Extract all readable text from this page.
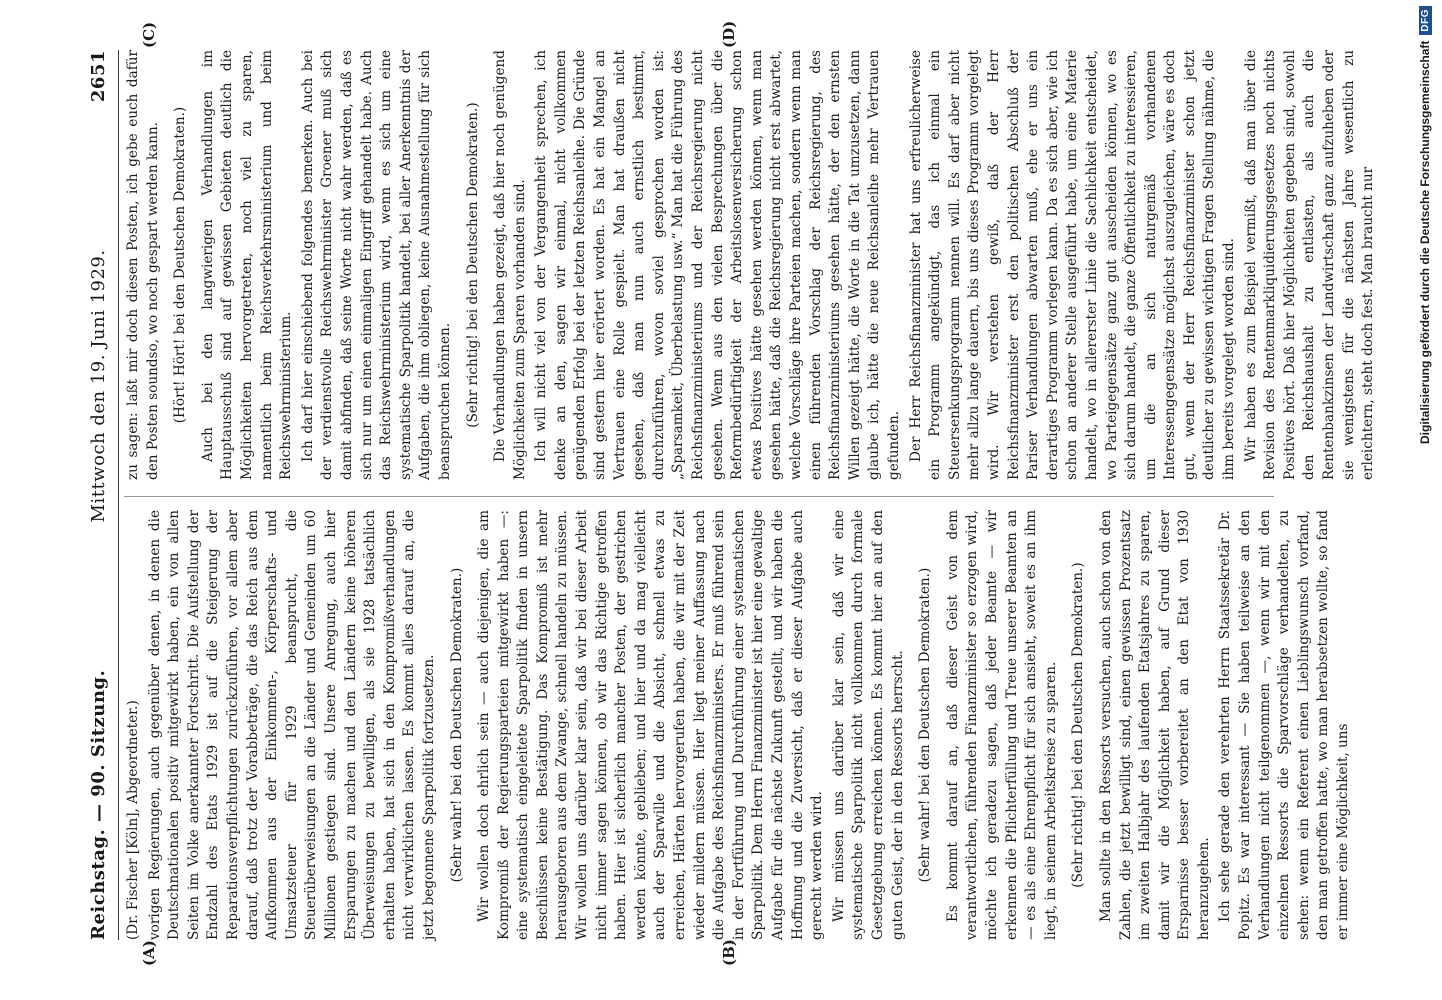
Reichstag. — 90. Sitzung.
Mittwoch den 19. Juni 1929.
2651
(A)	(B)
(C)	(D)

(Dr. Fischer [Köln], Abgeordneter.) vorigen Regierungen, auch gegenüber denen, in denen die Deutschnationalen positiv mitgewirkt haben, ein von allen Seiten im Volke anerkannter Fortschritt. Die Aufstellung der Endzahl des Etats 1929 ist auf die Steigerung der Reparationsverpflichtungen zurückzuführen, vor allem aber darauf, daß trotz der Vorabbeträge, die das Reich aus dem Aufkommen aus der Einkommen-, Körperschafts- und Umsatzsteuer für 1929 beansprucht, die Steuerüberweisungen an die Länder und Gemeinden um 60 Millionen gestiegen sind. Unsere Anregung, auch hier Ersparungen zu machen und den Ländern keine höheren Überweisungen zu bewilligen, als sie 1928 tatsächlich erhalten haben, hat sich in den Kompromißverhandlungen nicht verwirklichen lassen. Es kommt alles darauf an, die jetzt begonnene Sparpolitik fortzusetzen. (Sehr wahr! bei den Deutschen Demokraten.) Wir wollen doch ehrlich sein — auch diejenigen, die am Kompromiß der Regierungsparteien mitgewirkt haben —: eine systematisch eingeleitete Sparpolitik finden in unsern Beschlüssen keine Bestätigung. Das Kompromiß ist mehr herausgeboren aus dem Zwange, schnell handeln zu müssen. Wir wollen uns darüber klar sein, daß wir bei dieser Arbeit nicht immer sagen können, ob wir das Richtige getroffen haben. Hier ist sicherlich mancher Posten, der gestrichen werden könnte, geblieben; und hier und da mag vielleicht auch der Sparwille und die Absicht, schnell etwas zu erreichen, Härten hervorgerufen haben, die wir mit der Zeit wieder mildern müssen. Hier liegt meiner Auffassung nach die Aufgabe des Reichsfinanzministers. Er muß führend sein in der Fortführung und Durchführung einer systematischen Sparpolitik. Dem Herrn Finanzminister ist hier eine gewaltige Aufgabe für die nächste Zukunft gestellt, und wir haben die Hoffnung und die Zuversicht, daß er dieser Aufgabe auch gerecht werden wird. Wir müssen uns darüber klar sein, daß wir eine systematische Sparpolitik nicht vollkommen durch formale Gesetzgebung erreichen können. Es kommt hier an auf den guten Geist, der in den Ressorts herrscht. (Sehr wahr! bei den Deutschen Demokraten.) Es kommt darauf an, daß dieser Geist von dem verantwortlichen, führenden Finanzminister so erzogen wird, möchte ich geradezu sagen, daß jeder Beamte — wir erkennen die Pflichterfüllung und Treue unserer Beamten an — es als eine Ehrenpflicht für sich ansieht, soweit es an ihm liegt, in seinem Arbeitskreise zu sparen. (Sehr richtig! bei den Deutschen Demokraten.) Man sollte in den Ressorts versuchen, auch schon von den Zahlen, die jetzt bewilligt sind, einen gewissen Prozentsatz im zweiten Halbjahr des laufenden Etatsjahres zu sparen, damit wir die Möglichkeit haben, auf Grund dieser Ersparnisse besser vorbereitet an den Etat von 1930 heranzugehen. Ich sehe gerade den verehrten Herrn Staatssekretär Dr. Popitz. Es war interessant — Sie haben teilweise an den Verhandlungen nicht teilgenommen —, wenn wir mit den einzelnen Ressorts die Sparvorschläge verhandelten, zu sehen: wenn ein Referent einen Lieblingswunsch vorfand, den man getroffen hatte, wo man herabsetzen wollte, so fand er immer eine Möglichkeit, uns

zu sagen: laßt mir doch diesen Posten, ich gebe euch dafür den Posten soundso, wo noch gespart werden kann. (Hört! Hört! bei den Deutschen Demokraten.) Auch bei den langwierigen Verhandlungen im Hauptausschuß sind auf gewissen Gebieten deutlich die Möglichkeiten hervorgetreten, noch viel zu sparen, namentlich beim Reichsverkehrsministerium und beim Reichswehrministerium. Ich darf hier einschiebend folgendes bemerken. Auch bei der verdienstvolle Reichswehrminister Groener muß sich damit abfinden, daß seine Worte nicht wahr werden, daß es sich nur um einen einmaligen Eingriff gehandelt habe. Auch das Reichswehrministerium wird, wenn es sich um eine systematische Sparpolitik handelt, bei aller Anerkenntnis der Aufgaben, die ihm obliegen, keine Ausnahmestellung für sich beanspruchen können. (Sehr richtig! bei den Deutschen Demokraten.) Die Verhandlungen haben gezeigt, daß hier noch genügend Möglichkeiten zum Sparen vorhanden sind. Ich will nicht viel von der Vergangenheit sprechen, ich denke an den, sagen wir einmal, nicht vollkommen genügenden Erfolg bei der letzten Reichsanleihe. Die Gründe sind gestern hier erörtert worden. Es hat ein Mangel an Vertrauen eine Rolle gespielt. Man hat draußen nicht gesehen, daß man nun auch ernstlich bestimmt, durchzuführen, wovon soviel gesprochen worden ist: „Sparsamkeit, Überbelastung usw.“ Man hat die Führung des Reichsfinanzministeriums und der Reichsregierung nicht gesehen. Wenn aus den vielen Besprechungen über die Reformbedürftigkeit der Arbeitslosenversicherung schon etwas Positives hätte gesehen werden können, wenn man gesehen hätte, daß die Reichsregierung nicht erst abwartet, welche Vorschläge ihre Parteien machen, sondern wenn man einen führenden Vorschlag der Reichsregierung, des Reichsfinanzministeriums gesehen hätte, der den ernsten Willen gezeigt hätte, die Worte in die Tat umzusetzen, dann glaube ich, hätte die neue Reichsanleihe mehr Vertrauen gefunden. Der Herr Reichsfinanzminister hat uns erfreulicherweise ein Programm angekündigt, das ich einmal ein Steuersenkungsprogramm nennen will. Es darf aber nicht mehr allzu lange dauern, bis uns dieses Programm vorgelegt wird. Wir verstehen gewiß, daß der Herr Reichsfinanzminister erst den politischen Abschluß der Pariser Verhandlungen abwarten muß, ehe er uns ein derartiges Programm vorlegen kann. Da es sich aber, wie ich schon an anderer Stelle ausgeführt habe, um eine Materie handelt, wo in allererster Linie die Sachlichkeit entscheidet, wo Parteigegensätze ganz gut ausscheiden können, wo es sich darum handelt, die ganze Öffentlichkeit zu interessieren, um die an sich naturgemäß vorhandenen Interessengegensätze möglichst auszugleichen, wäre es doch gut, wenn der Herr Reichsfinanzminister schon jetzt deutlicher zu gewissen wichtigen Fragen Stellung nähme, die ihm bereits vorgelegt worden sind. Wir haben es zum Beispiel vermißt, daß man über die Revision des Rentenmarkliquidierungsgesetzes noch nichts Positives hört. Daß hier Möglichkeiten gegeben sind, sowohl den Reichshaushalt zu entlasten, als auch die Rentenbankzinsen der Landwirtschaft ganz aufzuheben oder sie wenigstens für die nächsten Jahre wesentlich zu erleichtern, steht doch fest. Man braucht nur	Digitalisierung gefördert durch die Deutsche Forschungsgemeinschaft
DFG
